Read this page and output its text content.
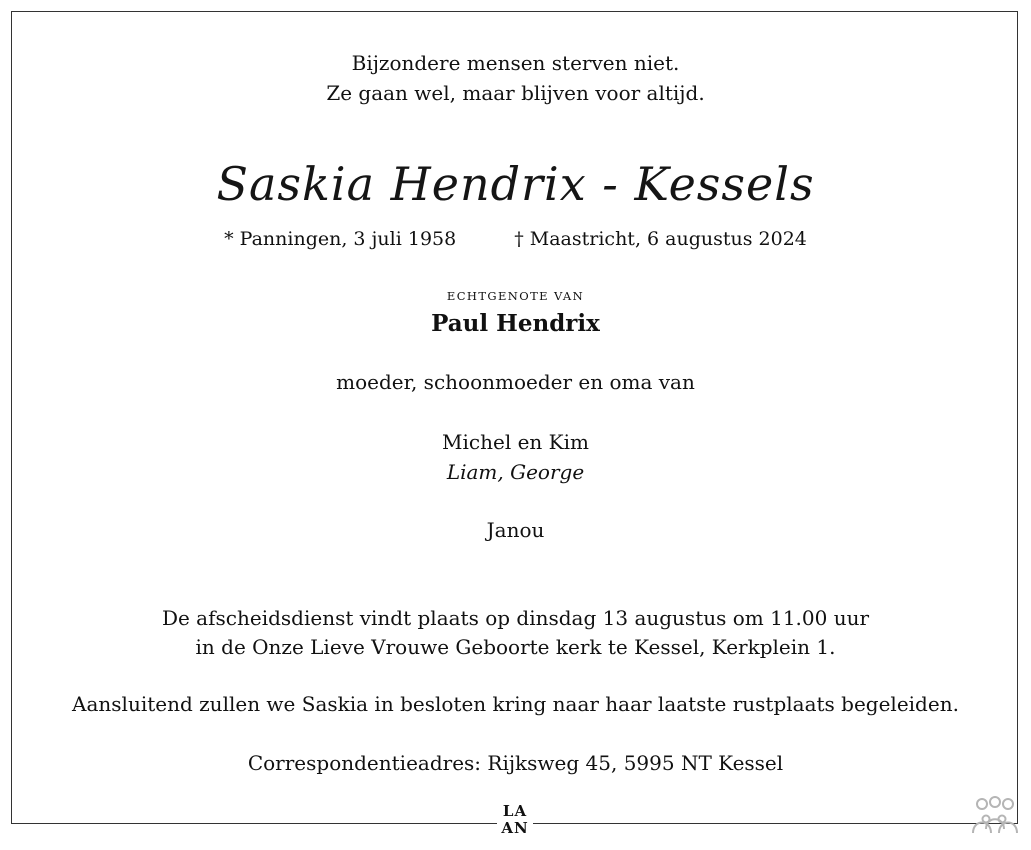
Bijzondere mensen sterven niet.
Ze gaan wel, maar blijven voor altijd.
Saskia Hendrix - Kessels
* Panningen, 3 juli 1958	† Maastricht, 6 augustus 2024
ECHTGENOTE VAN
Paul Hendrix
moeder, schoonmoeder en oma van
Michel en Kim
Liam, George
Janou
De afscheidsdienst vindt plaats op dinsdag 13 augustus om 11.00 uur
in de Onze Lieve Vrouwe Geboorte kerk te Kessel, Kerkplein 1.
Aansluitend zullen we Saskia in besloten kring naar haar laatste rustplaats begeleiden.
Correspondentieadres: Rijksweg 45, 5995 NT Kessel
LA
AN
